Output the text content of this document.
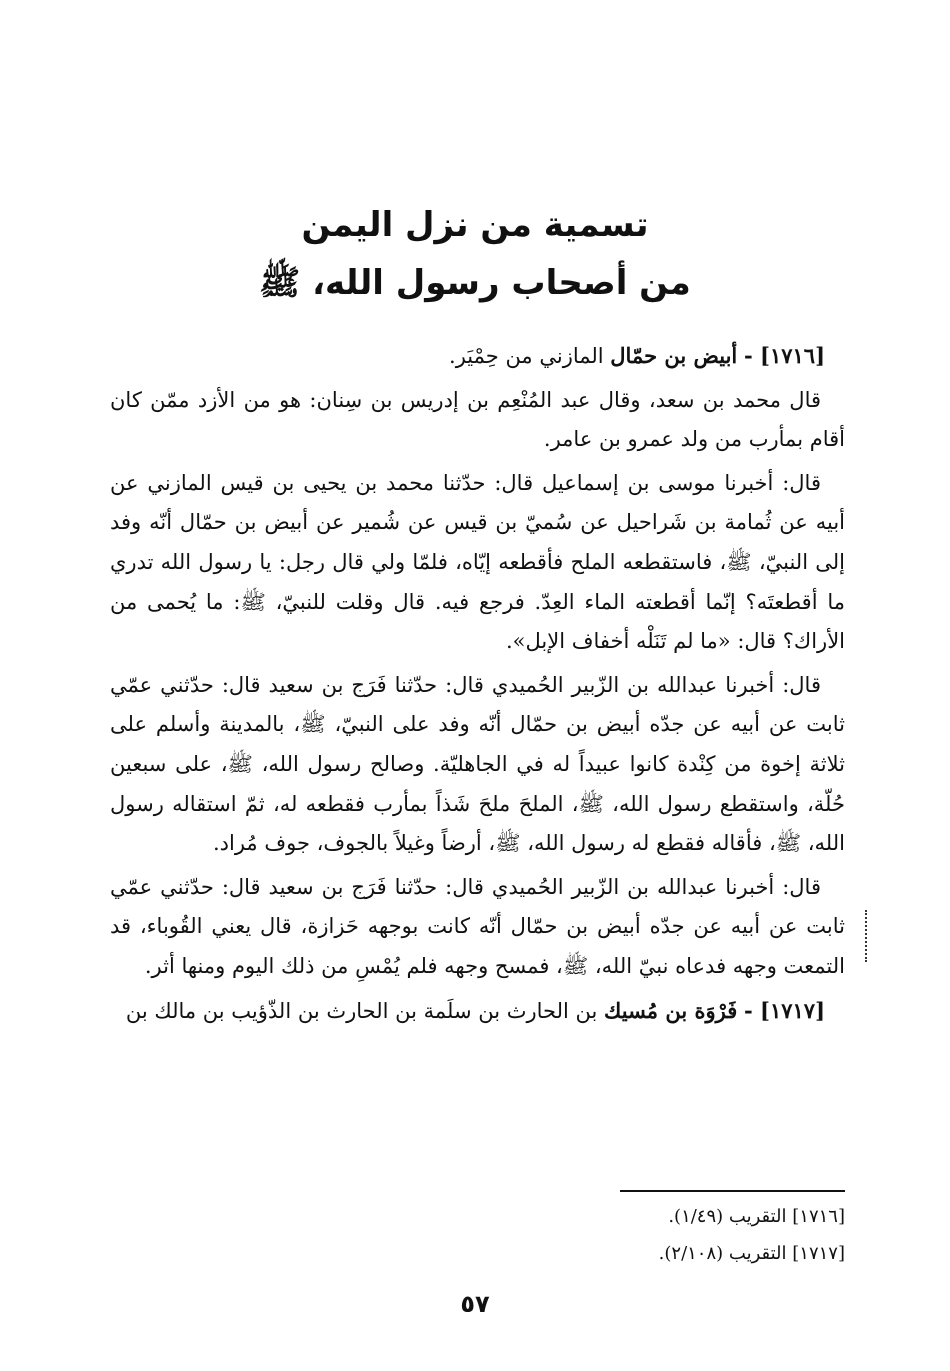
تسمية من نزل اليمن

من أصحاب رسول الله، ﷺ

[١٧١٦] - أبيض بن حمّال المازني من حِمْيَر.

قال محمد بن سعد، وقال عبد المُنْعِم بن إدريس بن سِنان: هو من الأزد ممّن كان أقام بمأرب من ولد عمرو بن عامر.

قال: أخبرنا موسى بن إسماعيل قال: حدّثنا محمد بن يحيى بن قيس المازني عن أبيه عن ثُمامة بن شَراحيل عن سُميّ بن قيس عن شُمير عن أبيض بن حمّال أنّه وفد إلى النبيّ، ﷺ، فاستقطعه الملح فأقطعه إيّاه، فلمّا ولي قال رجل: يا رسول الله تدري ما أقطعتَه؟ إنّما أقطعته الماء العِدّ. فرجع فيه. قال وقلت للنبيّ، ﷺ: ما يُحمى من الأراك؟ قال: «ما لم تَنَلْه أخفاف الإبل».

قال: أخبرنا عبدالله بن الزّبير الحُميدي قال: حدّثنا فَرَج بن سعيد قال: حدّثني عمّي ثابت عن أبيه عن جدّه أبيض بن حمّال أنّه وفد على النبيّ، ﷺ، بالمدينة وأسلم على ثلاثة إخوة من كِنْدة كانوا عبيداً له في الجاهليّة. وصالح رسول الله، ﷺ، على سبعين حُلّة، واستقطع رسول الله، ﷺ، الملحَ ملحَ شَذاً بمأرب فقطعه له، ثمّ استقاله رسول الله، ﷺ، فأقاله فقطع له رسول الله، ﷺ، أرضاً وغيلاً بالجوف، جوف مُراد.

قال: أخبرنا عبدالله بن الزّبير الحُميدي قال: حدّثنا فَرَج بن سعيد قال: حدّثني عمّي ثابت عن أبيه عن جدّه أبيض بن حمّال أنّه كانت بوجهه حَزازة، قال يعني القُوباء، قد التمعت وجهه فدعاه نبيّ الله، ﷺ، فمسح وجهه فلم يُمْسِ من ذلك اليوم ومنها أثر.

[١٧١٧] - فَرْوَة بن مُسيك بن الحارث بن سلَمة بن الحارث بن الذّؤيب بن مالك بن

[١٧١٦] التقريب (١/٤٩).

[١٧١٧] التقريب (٢/١٠٨).

٥٧
